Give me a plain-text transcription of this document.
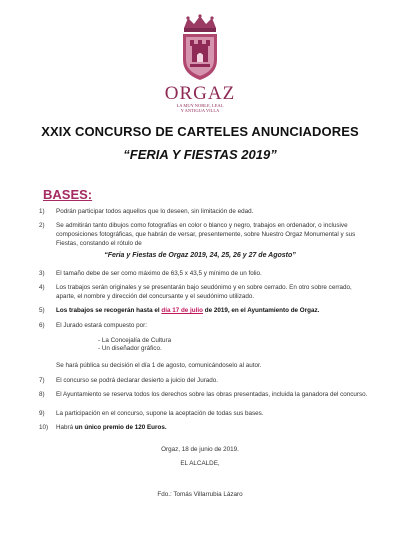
ORGAZ
LA MUY NOBLE, LEAL
Y ANTIGUA VILLA
XXIX CONCURSO DE CARTELES ANUNCIADORES
“FERIA Y FIESTAS 2019”
BASES:
1) Podrán participar todos aquellos que lo deseen, sin limitación de edad.
2) Se admitirán tanto dibujos como fotografías en color o blanco y negro, trabajos en ordenador, o inclusive composiciones fotográficas, que habrán de versar, presentemente, sobre Nuestro Orgaz Monumental y sus Fiestas, constando el rótulo de
“Feria y Fiestas de Orgaz 2019, 24, 25, 26 y 27 de Agosto”
3) El tamaño debe de ser como máximo de 63,5 x 43,5 y mínimo de un folio.
4) Los trabajos serán originales y se presentarán bajo seudónimo y en sobre cerrado. En otro sobre cerrado, aparte, el nombre y dirección del concursante y el seudónimo utilizado.
5) Los trabajos se recogerán hasta el día 17 de julio de 2019, en el Ayuntamiento de Orgaz.
6) El Jurado estará compuesto por:
- La Concejalía de Cultura
- Un diseñador gráfico.
Se hará pública su decisión el día 1 de agosto, comunicándoselo al autor.
7) El concurso se podrá declarar desierto a juicio del Jurado.
8) El Ayuntamiento se reserva todos los derechos sobre las obras presentadas, incluida la ganadora del concurso.
9) La participación en el concurso, supone la aceptación de todas sus bases.
10) Habrá un único premio de 120 Euros.
Orgaz, 18 de junio de 2019.
EL ALCALDE,
Fdo.: Tomás Villarrubia Lázaro
